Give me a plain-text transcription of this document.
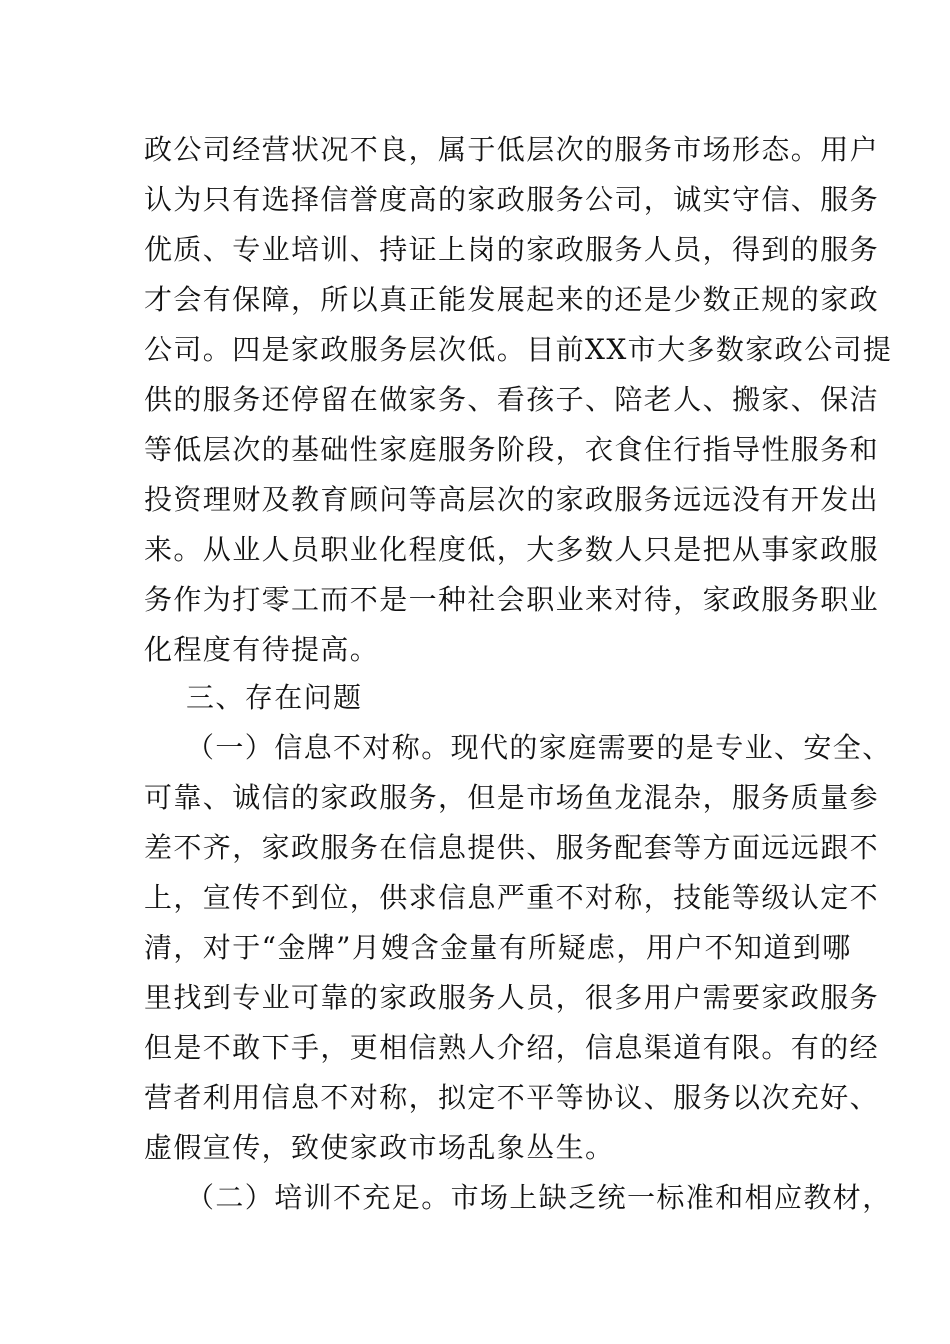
政公司经营状况不良，属于低层次的服务市场形态。用户
认为只有选择信誉度高的家政服务公司，诚实守信、服务
优质、专业培训、持证上岗的家政服务人员，得到的服务
才会有保障，所以真正能发展起来的还是少数正规的家政
公司。四是家政服务层次低。目前XX市大多数家政公司提
供的服务还停留在做家务、看孩子、陪老人、搬家、保洁
等低层次的基础性家庭服务阶段，衣食住行指导性服务和
投资理财及教育顾问等高层次的家政服务远远没有开发出
来。从业人员职业化程度低，大多数人只是把从事家政服
务作为打零工而不是一种社会职业来对待，家政服务职业
化程度有待提高。
三、存在问题
（一）信息不对称。现代的家庭需要的是专业、安全、
可靠、诚信的家政服务，但是市场鱼龙混杂，服务质量参
差不齐，家政服务在信息提供、服务配套等方面远远跟不
上，宣传不到位，供求信息严重不对称，技能等级认定不
清，对于“金牌”月嫂含金量有所疑虑，用户不知道到哪
里找到专业可靠的家政服务人员，很多用户需要家政服务
但是不敢下手，更相信熟人介绍，信息渠道有限。有的经
营者利用信息不对称，拟定不平等协议、服务以次充好、
虚假宣传，致使家政市场乱象丛生。
（二）培训不充足。市场上缺乏统一标准和相应教材，
